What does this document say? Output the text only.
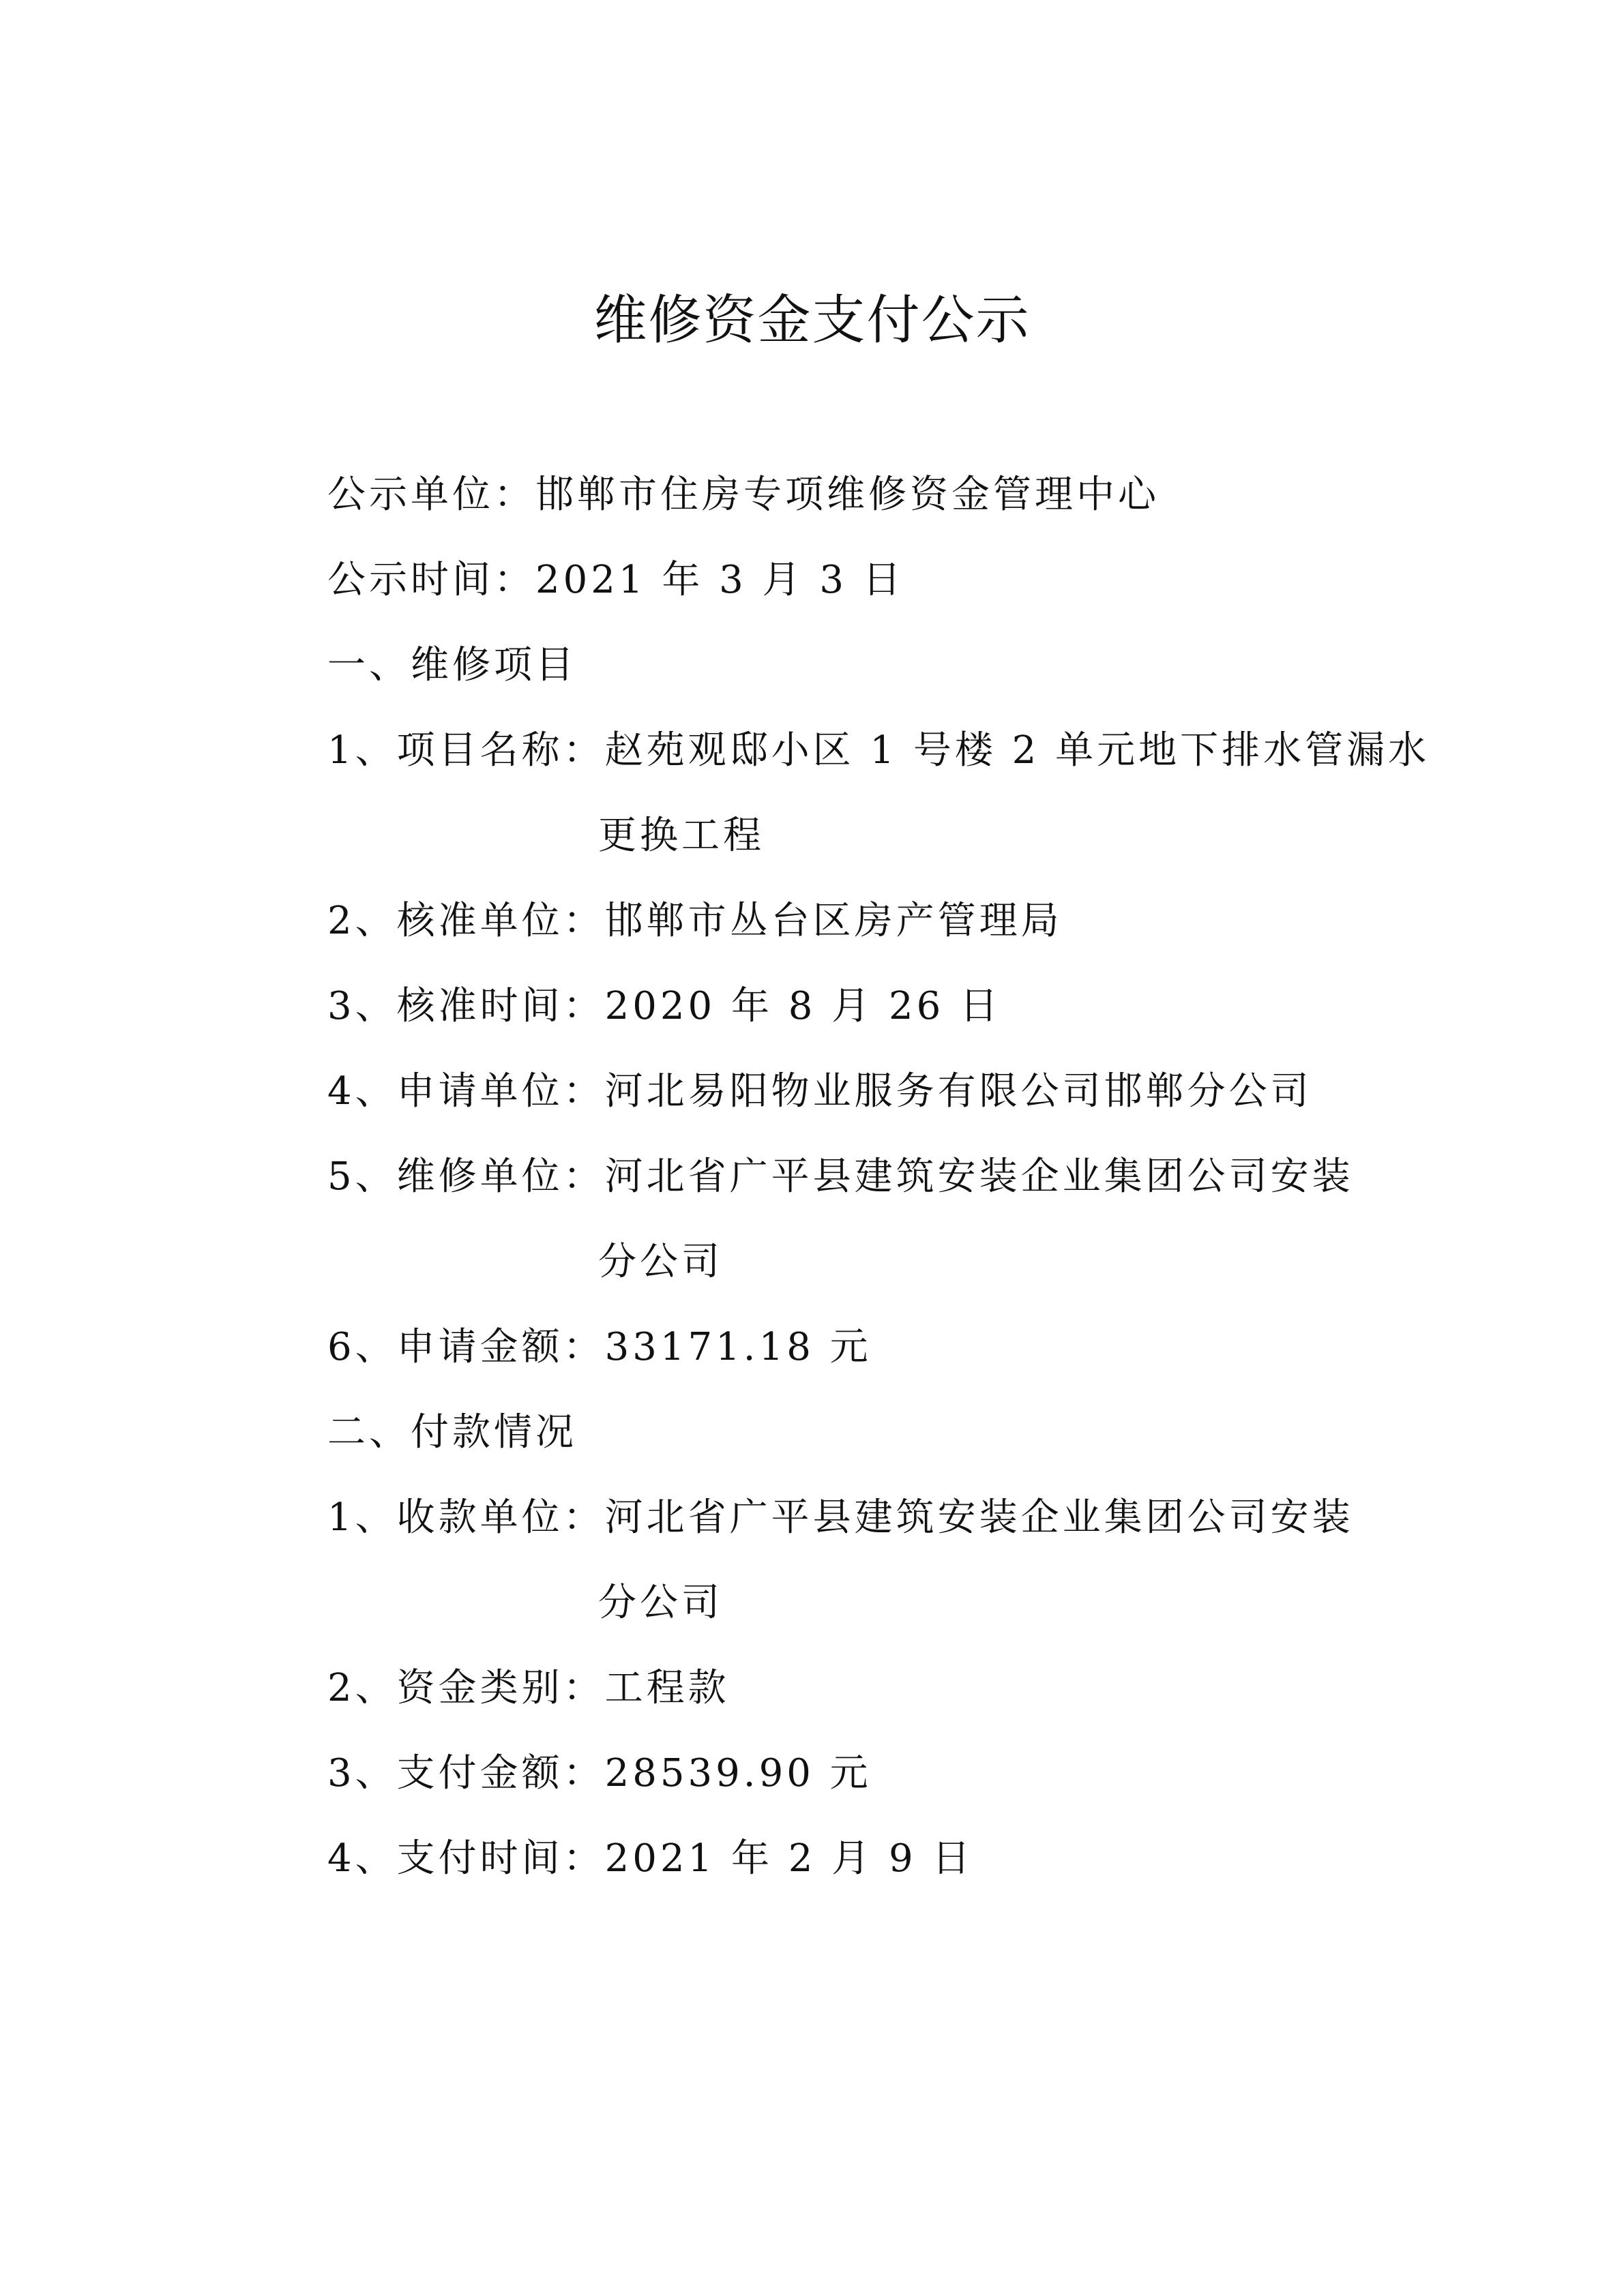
维修资金支付公示
公示单位：邯郸市住房专项维修资金管理中心
公示时间：2021 年 3 月 3 日
一、维修项目
1、项目名称：赵苑观邸小区 1 号楼 2 单元地下排水管漏水
更换工程
2、核准单位：邯郸市丛台区房产管理局
3、核准时间：2020 年 8 月 26 日
4、申请单位：河北易阳物业服务有限公司邯郸分公司
5、维修单位：河北省广平县建筑安装企业集团公司安装
分公司
6、申请金额：33171.18 元
二、付款情况
1、收款单位：河北省广平县建筑安装企业集团公司安装
分公司
2、资金类别：工程款
3、支付金额：28539.90 元
4、支付时间：2021 年 2 月 9 日
